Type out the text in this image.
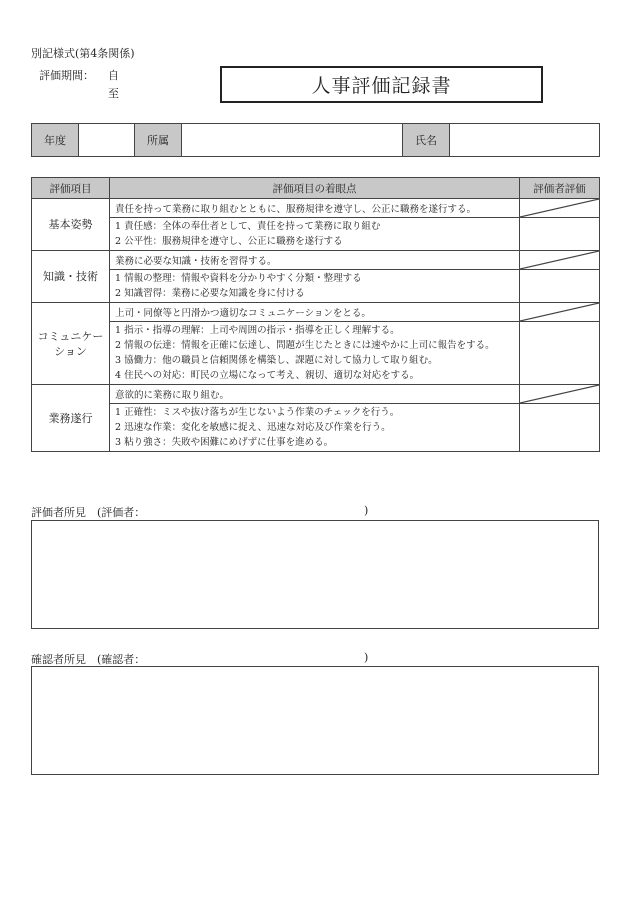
別記様式(第4条関係)
評価期間： 自
至	人事評価記録書
年度		所属		氏名	
評価項目	評価項目の着眼点	評価者評価

基本姿勢	責任を持って業務に取り組むとともに、服務規律を遵守し、公正に職務を遂行する。	

	1 責任感：全体の奉仕者として、責任を持って業務に取り組む
2 公平性：服務規律を遵守し、公正に職務を遂行する	

知識・技術	業務に必要な知識・技術を習得する。	

	1 情報の整理：情報や資料を分かりやすく分類・整理する
2 知識習得：業務に必要な知識を身に付ける	

コミュニケー
ション	上司・同僚等と円滑かつ適切なコミュニケーションをとる。	

	1 指示・指導の理解：上司や周囲の指示・指導を正しく理解する。
2 情報の伝達：情報を正確に伝達し、問題が生じたときには速やかに上司に報告をする。
3 協働力：他の職員と信頼関係を構築し、課題に対して協力して取り組む。
4 住民への対応：町民の立場になって考え、親切、適切な対応をする。	

業務遂行	意欲的に業務に取り組む。	

	1 正確性：ミスや抜け落ちが生じないよう作業のチェックを行う。
2 迅速な作業：変化を敏感に捉え、迅速な対応及び作業を行う。
3 粘り強さ：失敗や困難にめげずに仕事を進める。	

評価者所見　(評価者：	)
確認者所見　(確認者：	)
